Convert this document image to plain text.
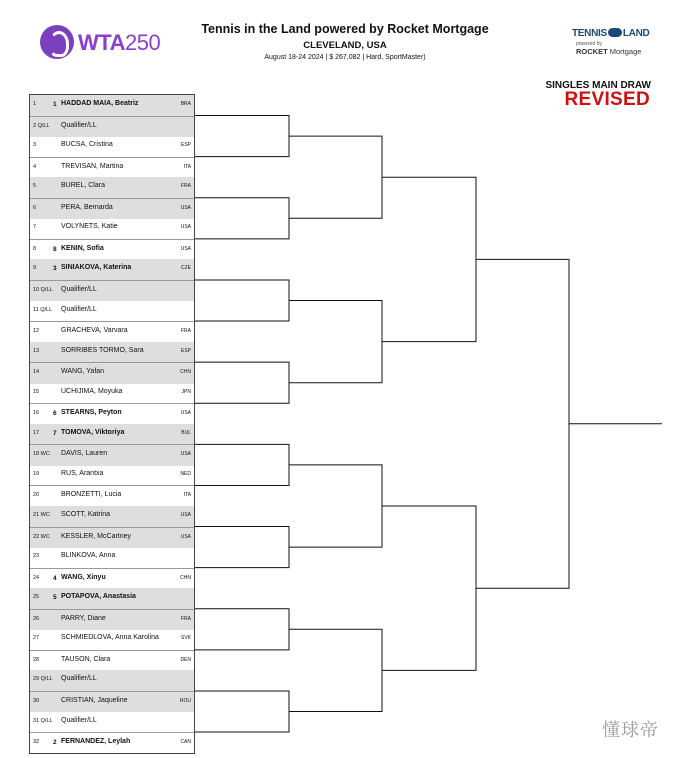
WTA250
Tennis in the Land powered by Rocket Mortgage
CLEVELAND, USA
August 18-24 2024 | $ 267,082 | Hard, SportMaster)
TENNIS LAND
powered by
ROCKET Mortgage
SINGLES MAIN DRAW
REVISED
1	1 HADDAD MAIA, Beatriz	BRA
2 Q/LL Qualifier/LL
3	BUCSA, Cristina	ESP
4	TREVISAN, Martina	ITA
5	BUREL, Clara	FRA
6	PERA, Bernarda	USA
7	VOLYNETS, Katie	USA
8	8 KENIN, Sofia	USA
9	3 SINIAKOVA, Katerina	CZE
10 Q/LL Qualifier/LL
11 Q/LL Qualifier/LL
12	GRACHEVA, Varvara	FRA
13	SORRIBES TORMO, Sara	ESP
14	WANG, Yafan	CHN
15	UCHIJIMA, Moyuka	JPN
16 6 STEARNS, Peyton	USA
17 7 TOMOVA, Viktoriya	BUL
18 WC DAVIS, Lauren	USA
19	RUS, Arantxa	NED
20	BRONZETTI, Lucia	ITA
21 WC SCOTT, Katrina	USA
22 WC KESSLER, McCartney	USA
23	BLINKOVA, Anna
24 4 WANG, Xinyu	CHN
25 5 POTAPOVA, Anastasia
26	PARRY, Diane	FRA
27	SCHMIEDLOVA, Anna Karolina	SVK
28	TAUSON, Clara	DEN
29 Q/LL Qualifier/LL
30	CRISTIAN, Jaqueline	ROU
31 Q/LL Qualifier/LL
32 2 FERNANDEZ, Leylah	CAN
懂球帝
